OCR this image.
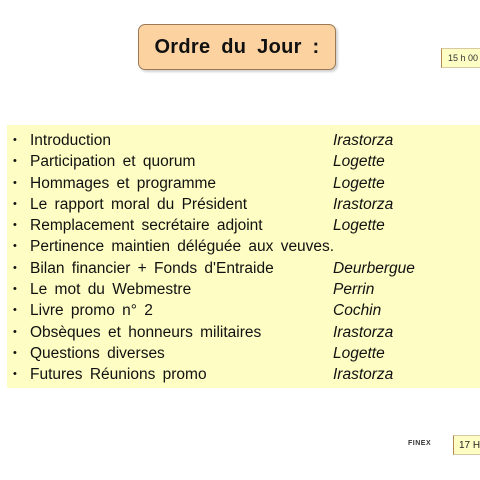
Ordre du Jour :
15 h 00
• Introduction	Irastorza
• Participation et quorum	Logette
• Hommages et programme	Logette
• Le rapport moral du Président	Irastorza
• Remplacement secrétaire adjoint	Logette
• Pertinence maintien déléguée aux veuves.
• Bilan financier + Fonds d'Entraide	Deurbergue
• Le mot du Webmestre	Perrin
• Livre promo n° 2	Cochin
• Obsèques et honneurs militaires	Irastorza
• Questions diverses	Logette
• Futures Réunions promo	Irastorza
FINEX	17 H
